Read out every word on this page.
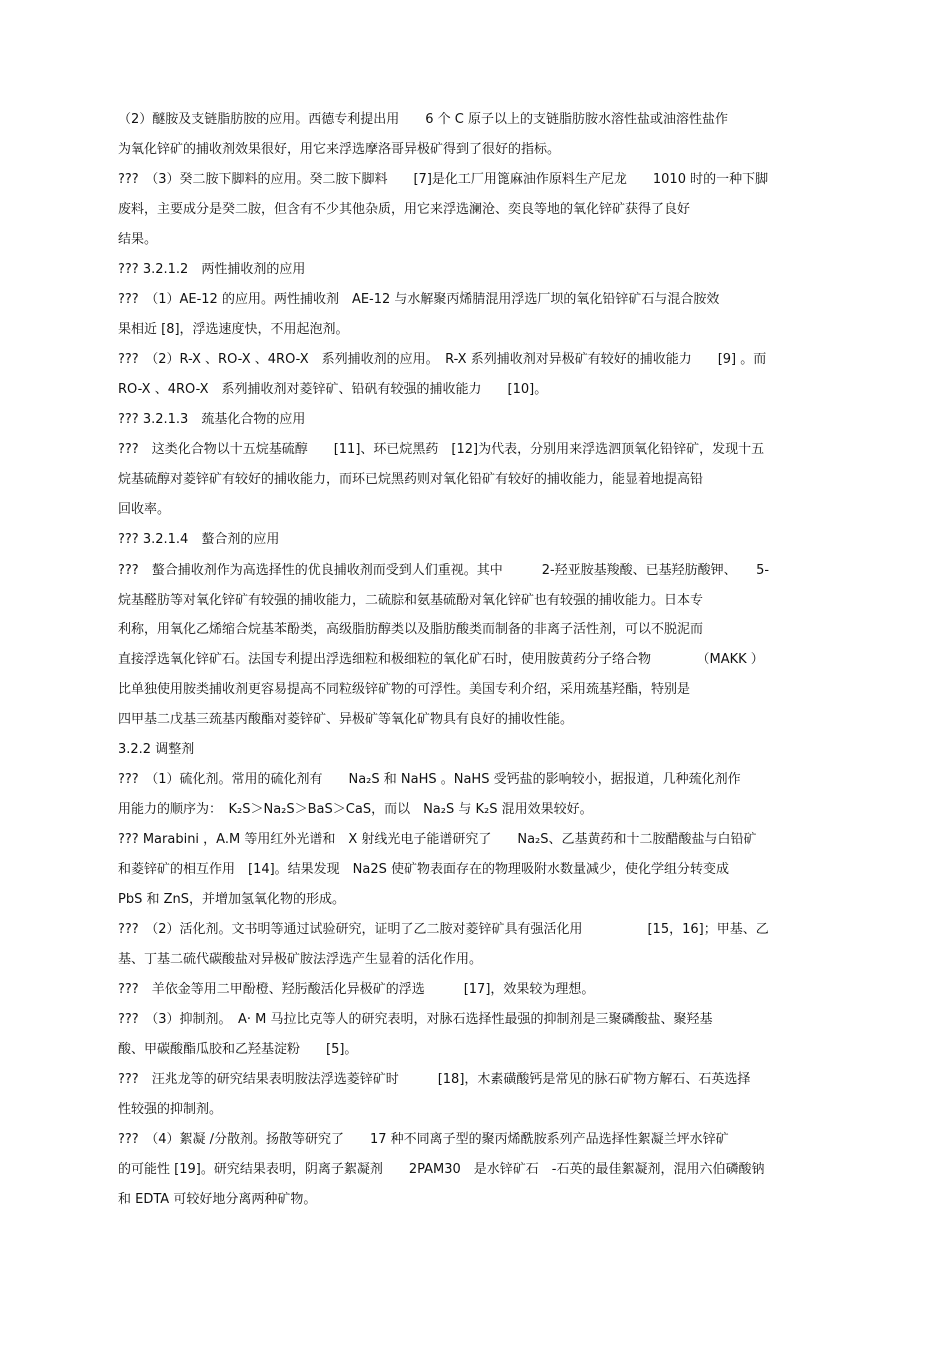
（2）醚胺及支链脂肪胺的应用。西德专利提出用　　6 个 C 原子以上的支链脂肪胺水溶性盐或油溶性盐作
为氧化锌矿的捕收剂效果很好，用它来浮选摩洛哥异极矿得到了很好的指标。
???　（3）癸二胺下脚料的应用。癸二胺下脚料　　[7]是化工厂用篦麻油作原料生产尼龙　　1010 时的一种下脚
废料，主要成分是癸二胺，但含有不少其他杂质，用它来浮选澜沧、奕良等地的氧化锌矿获得了良好
结果。
??? 3.2.1.2　两性捕收剂的应用
???　（1）AE-12 的应用。两性捕收剂　AE-12 与水解聚丙烯腈混用浮选厂坝的氧化铅锌矿石与混合胺效
果相近 [8]，浮选速度快，不用起泡剂。
???　（2）R-X 、RO-X 、4RO-X　系列捕收剂的应用。　R-X 系列捕收剂对异极矿有较好的捕收能力　　[9] 。而
RO-X 、4RO-X　系列捕收剂对菱锌矿、铅矾有较强的捕收能力　　[10]。
??? 3.2.1.3　巯基化合物的应用
???　这类化合物以十五烷基硫醇　　[11]、环已烷黑药　[12]为代表，分别用来浮选泗顶氧化铅锌矿，发现十五
烷基硫醇对菱锌矿有较好的捕收能力，而环已烷黑药则对氧化铅矿有较好的捕收能力，能显着地提高铅
回收率。
??? 3.2.1.4　螯合剂的应用
???　螯合捕收剂作为高选择性的优良捕收剂而受到人们重视。其中　　　2-羟亚胺基羧酸、已基羟肪酸钾、　　5-
烷基醛肪等对氧化锌矿有较强的捕收能力，二硫腙和氨基硫酚对氧化锌矿也有较强的捕收能力。日本专
利称，用氧化乙烯缩合烷基苯酚类，高级脂肪醇类以及脂肪酸类而制备的非离子活性剂，可以不脱泥而
直接浮选氧化锌矿石。法国专利提出浮选细粒和极细粒的氧化矿石时，使用胺黄药分子络合物　　　　（MAKK ）
比单独使用胺类捕收剂更容易提高不同粒级锌矿物的可浮性。美国专利介绍，采用巯基羟酯，特别是
四甲基二戊基三巯基丙酸酯对菱锌矿、异极矿等氧化矿物具有良好的捕收性能。
3.2.2 调整剂
???　（1）硫化剂。常用的硫化剂有　　Na₂S 和 NaHS 。NaHS 受钙盐的影响较小，据报道，几种巯化剂作
用能力的顺序为：　K₂S＞Na₂S＞BaS＞CaS，而以　Na₂S 与 K₂S 混用效果较好。
??? Marabini ，A.M 等用红外光谱和　X 射线光电子能谱研究了　　Na₂S、乙基黄药和十二胺醋酸盐与白铅矿
和菱锌矿的相互作用　[14]。结果发现　Na2S 使矿物表面存在的物理吸附水数量减少，使化学组分转变成
PbS 和 ZnS，并增加氢氧化物的形成。
???　（2）活化剂。文书明等通过试验研究，证明了乙二胺对菱锌矿具有强活化用　　　　　[15，16]；甲基、乙
基、丁基二硫代碳酸盐对异极矿胺法浮选产生显着的活化作用。
???　羊依金等用二甲酚橙、羟肟酸活化异极矿的浮选　　　[17]，效果较为理想。
???　（3）抑制剂。　A· M 马拉比克等人的研究表明，对脉石选择性最强的抑制剂是三聚磷酸盐、聚羟基
酸、甲碳酸酯瓜胶和乙羟基淀粉　　[5]。
???　汪兆龙等的研究结果表明胺法浮选菱锌矿时　　　[18]，木素磺酸钙是常见的脉石矿物方解石、石英选择
性较强的抑制剂。
???　（4）絮凝 /分散剂。扬散等研究了　　17 种不同离子型的聚丙烯酰胺系列产品选择性絮凝兰坪水锌矿
的可能性 [19]。研究结果表明，阴离子絮凝剂　　2PAM30　是水锌矿石　-石英的最佳絮凝剂，混用六伯磷酸钠
和 EDTA 可较好地分离两种矿物。
